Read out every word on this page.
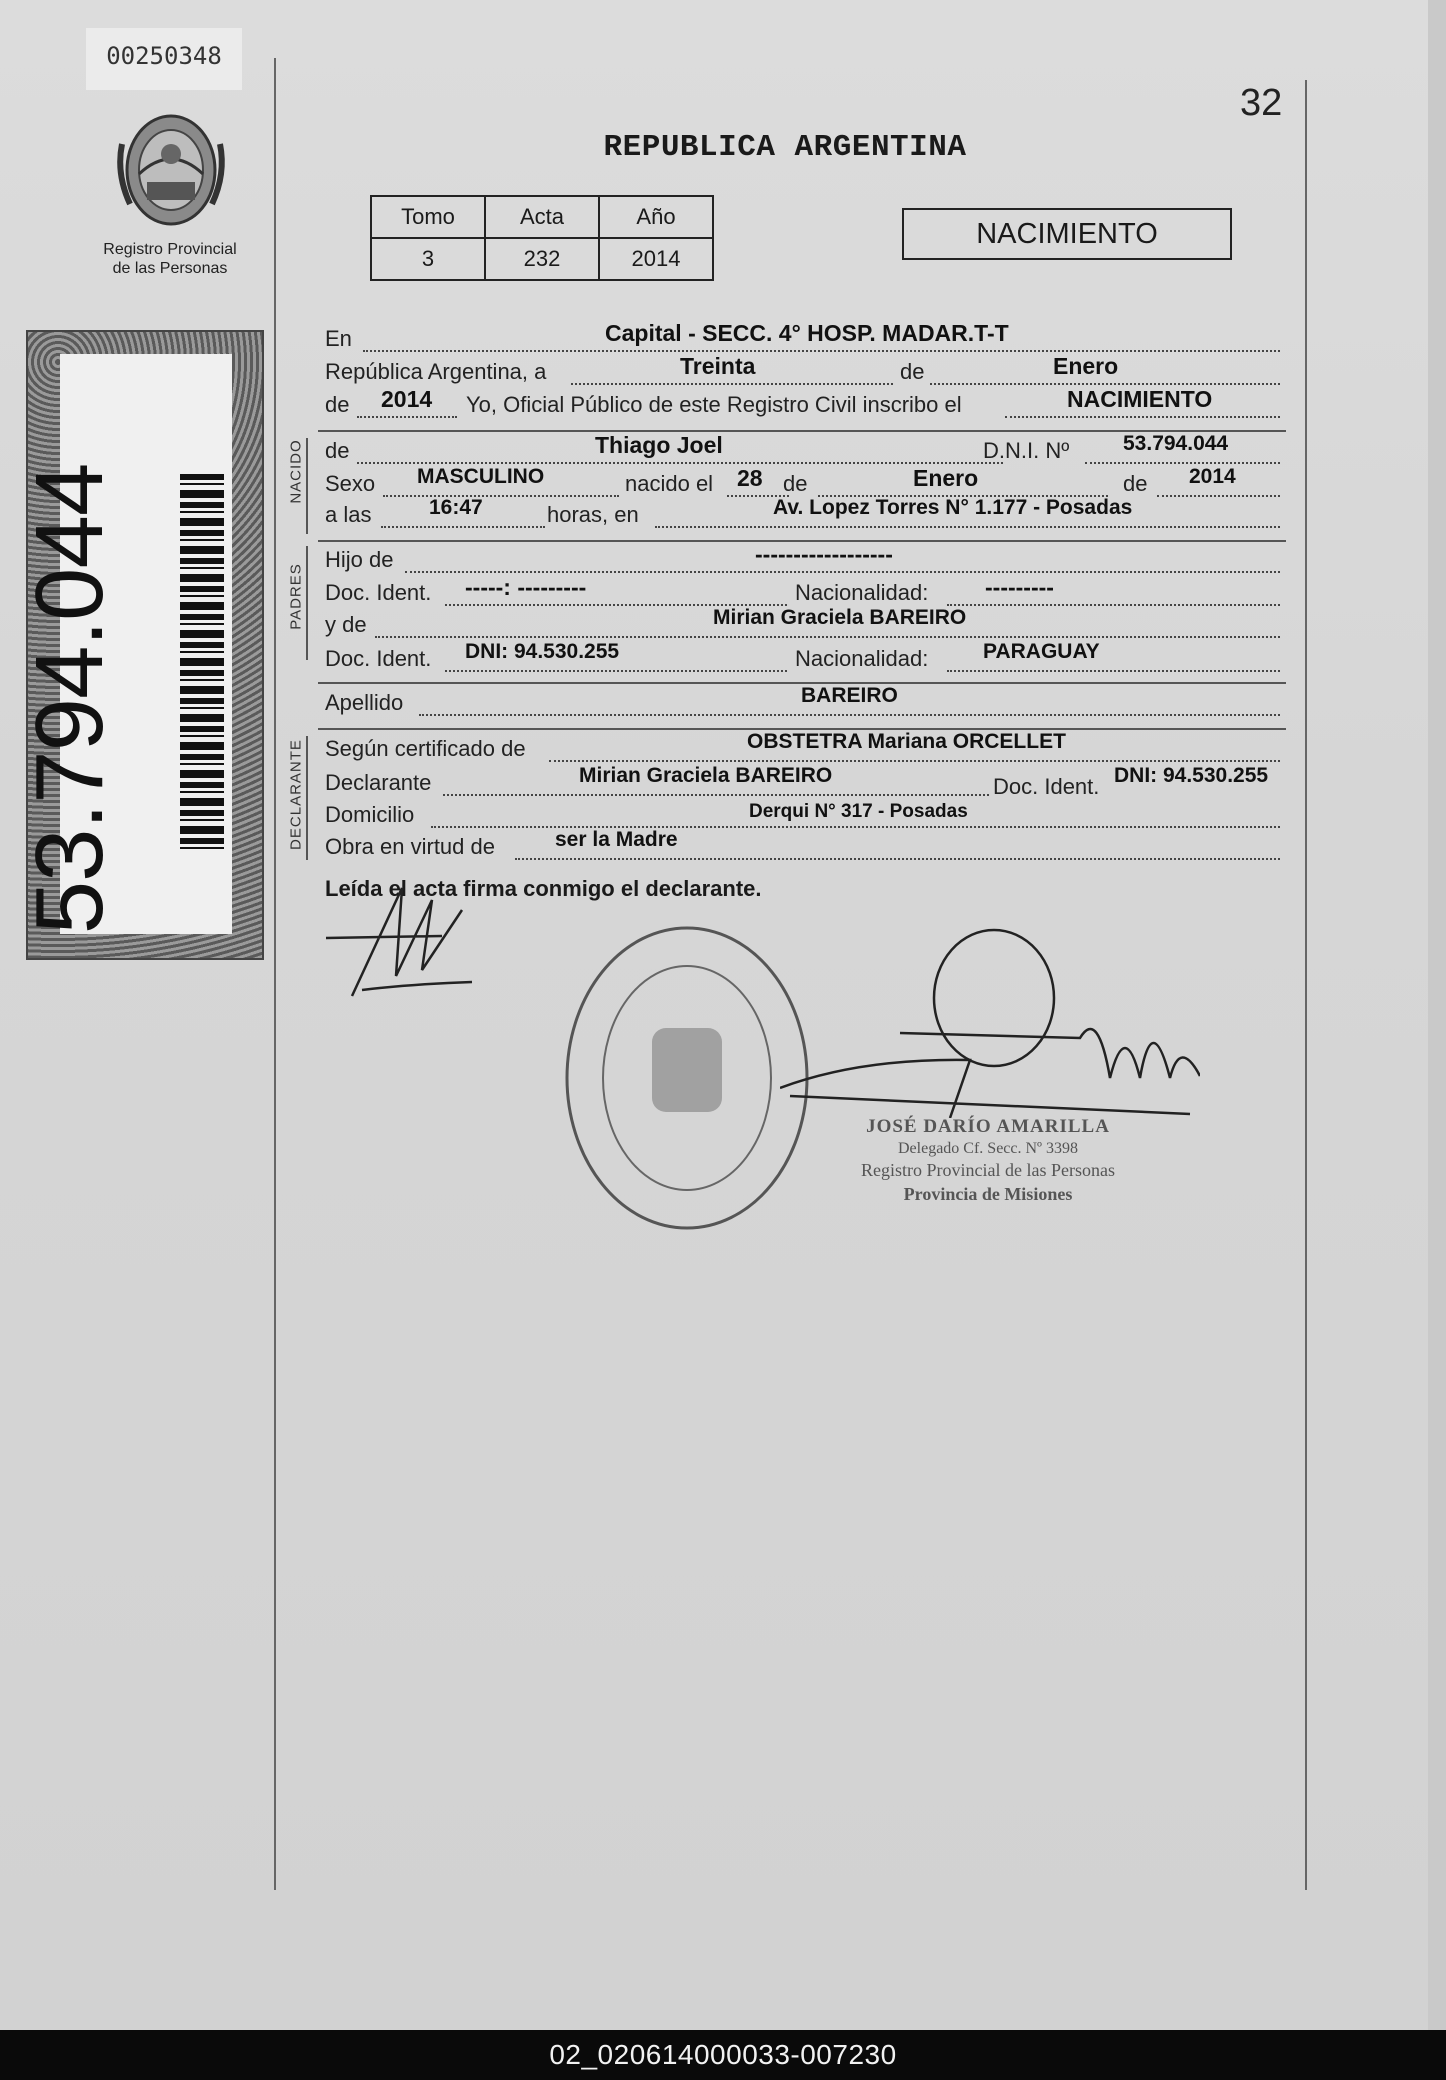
00250348
Registro Provincial
de las Personas
53.794.044
32
REPUBLICA ARGENTINA
Tomo	Acta	Año
3	232	2014
NACIMIENTO
En	Capital - SECC. 4° HOSP. MADAR.T-T
República Argentina, a	Treinta	de	Enero
de 2014 Yo, Oficial Público de este Registro Civil inscribo el	NACIMIENTO
NACIDO de	Thiago Joel	D.N.I. Nº	53.794.044
Sexo MASCULINO	nacido el 28 de	Enero	de 2014
a las	16:47	horas, en	Av. Lopez Torres N° 1.177 - Posadas
PADRES
Hijo de	------------------
Doc. Ident. -----: ---------	Nacionalidad: ---------
y de	Mirian Graciela BAREIRO
Doc. Ident. DNI: 94.530.255	Nacionalidad:	PARAGUAY
Apellido	BAREIRO
DECLARANTE Según certificado de	OBSTETRA Mariana ORCELLET
Declarante	Mirian Graciela BAREIRO	Doc. Ident. DNI: 94.530.255
Domicilio	Derqui N° 317 - Posadas
Obra en virtud de	ser la Madre
Leída el acta firma conmigo el declarante.
JOSÉ DARÍO AMARILLA
Delegado Cf. Secc. Nº 3398
Registro Provincial de las Personas
Provincia de Misiones
02_020614000033-007230
